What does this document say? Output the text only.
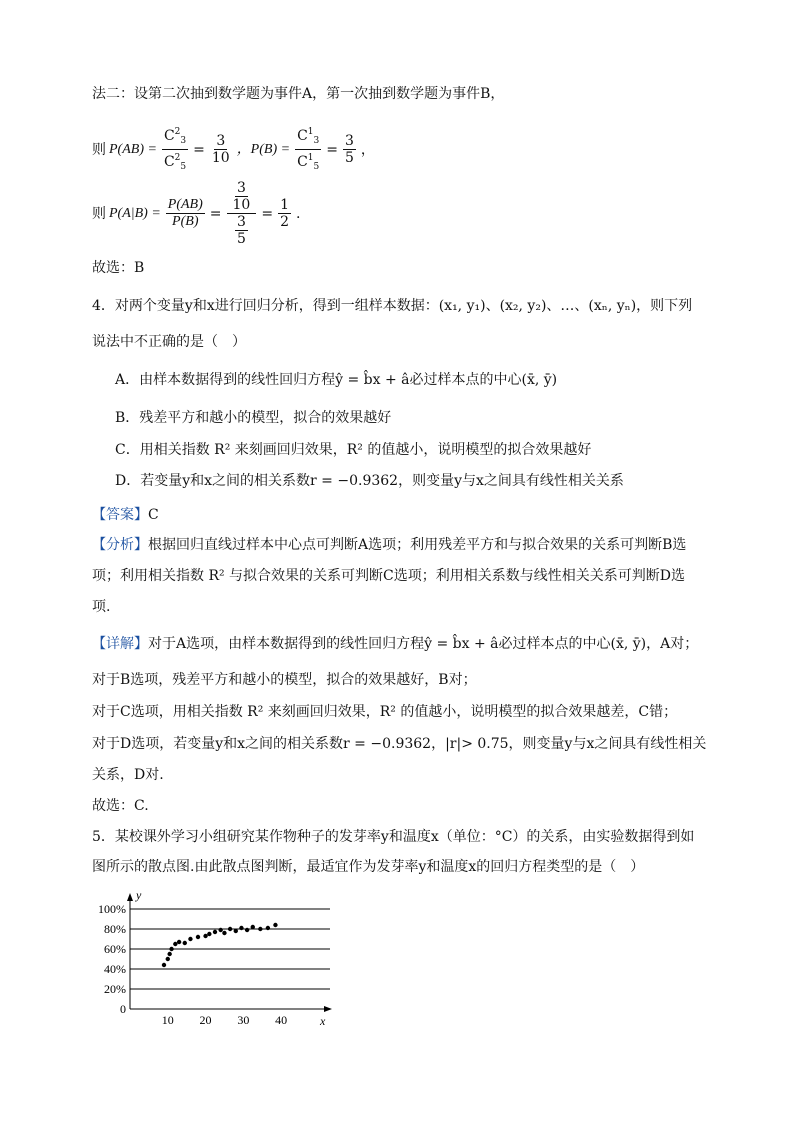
法二：设第二次抽到数学题为事件A，第一次抽到数学题为事件B，
则 $P(AB) = \frac{C^2_3}{C^2_5} = \frac{3}{10}$ ，$P(B) = \frac{C^1_3}{C^1_5} = \frac{3}{5}$ ，
则 $P(A|B) = \frac{P(AB)}{P(B)} = \frac{\frac{3}{10}}{\frac{3}{5}} = \frac{1}{2}$ .
故选：B
4．对两个变量y和x进行回归分析，得到一组样本数据：(x₁, y₁)、(x₂, y₂)、…、(xₙ, yₙ)，则下列
说法中不正确的是（　）
A．由样本数据得到的线性回归方程ŷ = b̂x + â必过样本点的中心(x̄, ȳ)
B．残差平方和越小的模型，拟合的效果越好
C．用相关指数 R² 来刻画回归效果，R² 的值越小，说明模型的拟合效果越好
D．若变量y和x之间的相关系数r = −0.9362，则变量y与x之间具有线性相关关系
【答案】C
【分析】根据回归直线过样本中心点可判断A选项；利用残差平方和与拟合效果的关系可判断B选
项；利用相关指数 R² 与拟合效果的关系可判断C选项；利用相关系数与线性相关关系可判断D选
项.
【详解】对于A选项，由样本数据得到的线性回归方程ŷ = b̂x + â必过样本点的中心(x̄, ȳ)，A对；
对于B选项，残差平方和越小的模型，拟合的效果越好，B对；
对于C选项，用相关指数 R² 来刻画回归效果，R² 的值越小，说明模型的拟合效果越差，C错；
对于D选项，若变量y和x之间的相关系数r = −0.9362，|r|> 0.75，则变量y与x之间具有线性相关
关系，D对.
故选：C.
5．某校课外学习小组研究某作物种子的发芽率y和温度x（单位：°C）的关系，由实验数据得到如
图所示的散点图.由此散点图判断，最适宜作为发芽率y和温度x的回归方程类型的是（　）
0
20%
40%
60%
80%
100%
10 20 30 40
y
x
